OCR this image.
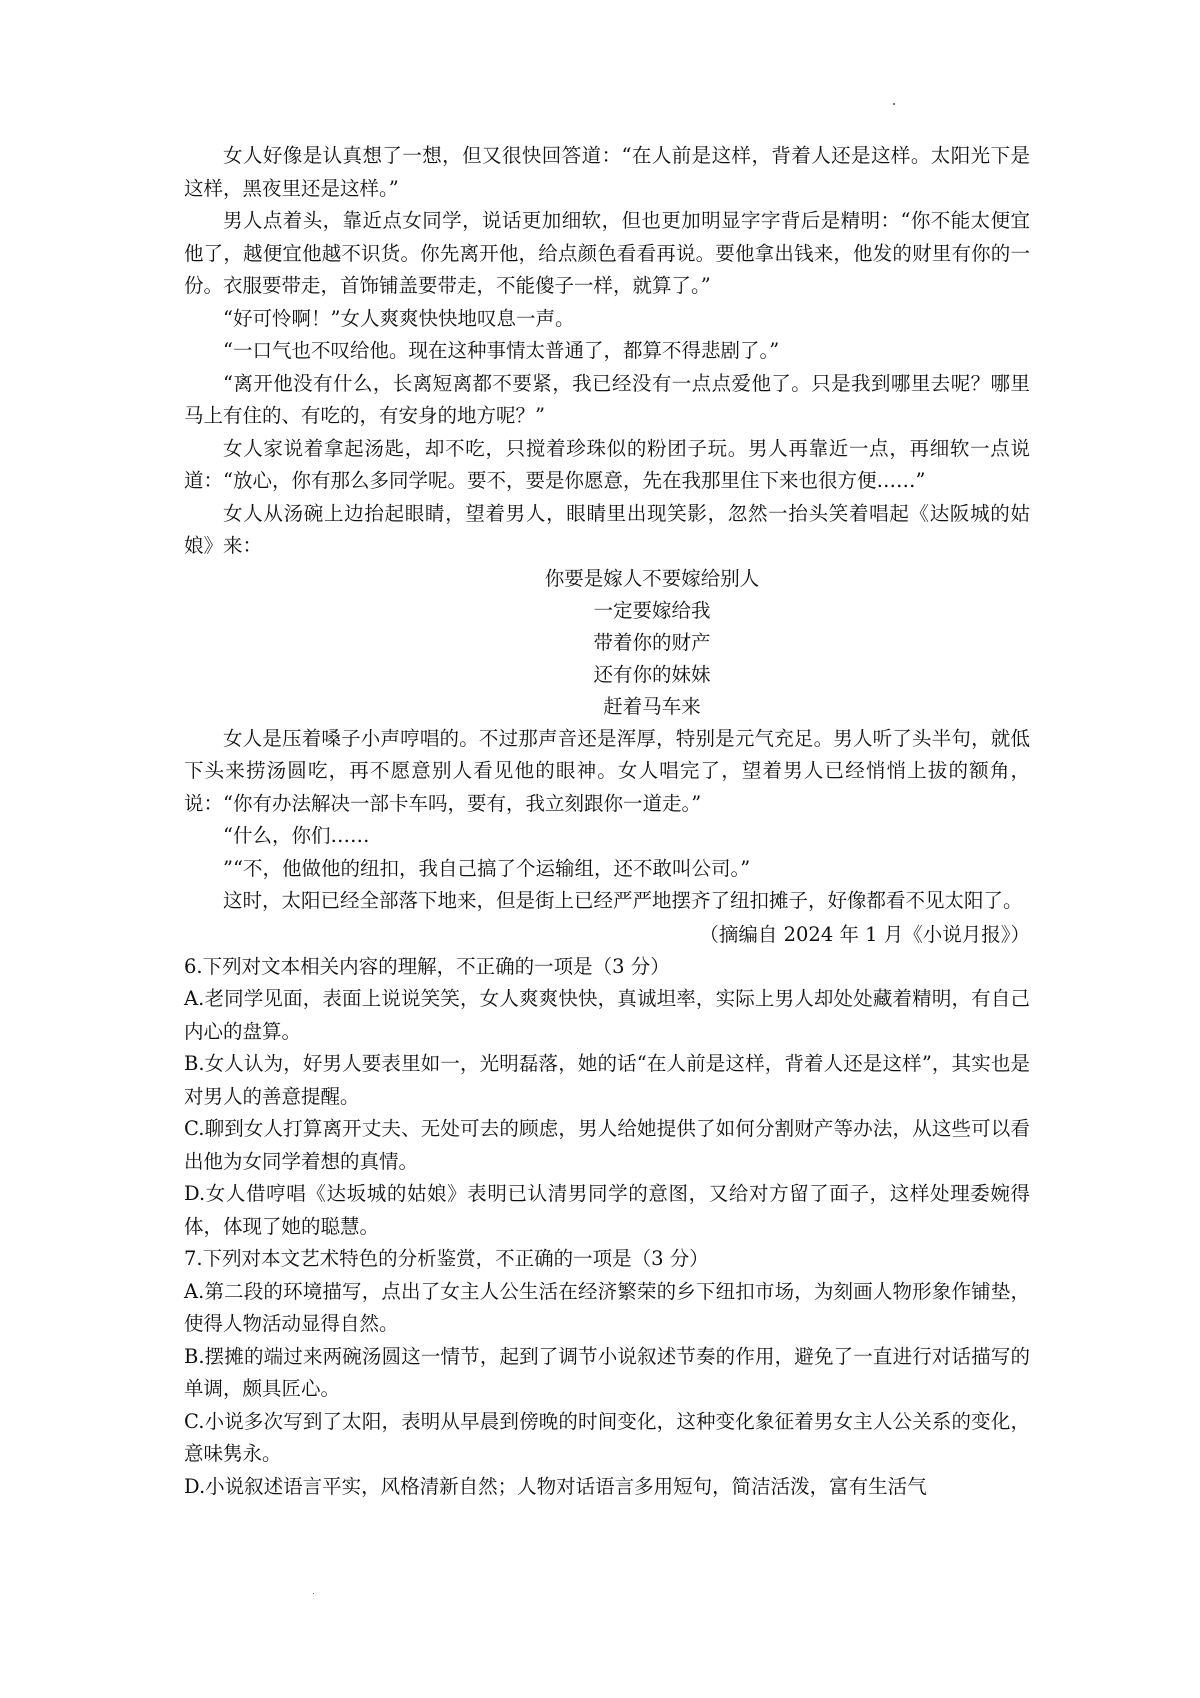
女人好像是认真想了一想，但又很快回答道：“在人前是这样，背着人还是这样。太阳光下是这样，黑夜里还是这样。”

男人点着头，靠近点女同学，说话更加细软，但也更加明显字字背后是精明：“你不能太便宜他了，越便宜他越不识货。你先离开他，给点颜色看看再说。要他拿出钱来，他发的财里有你的一份。衣服要带走，首饰铺盖要带走，不能傻子一样，就算了。”

“好可怜啊！”女人爽爽快快地叹息一声。

“一口气也不叹给他。现在这种事情太普通了，都算不得悲剧了。”

“离开他没有什么，长离短离都不要紧，我已经没有一点点爱他了。只是我到哪里去呢？哪里马上有住的、有吃的，有安身的地方呢？”

女人家说着拿起汤匙，却不吃，只搅着珍珠似的粉团子玩。男人再靠近一点，再细软一点说道：“放心，你有那么多同学呢。要不，要是你愿意，先在我那里住下来也很方便……”

女人从汤碗上边抬起眼睛，望着男人，眼睛里出现笑影，忽然一抬头笑着唱起《达阪城的姑娘》来：

你要是嫁人不要嫁给别人

一定要嫁给我

带着你的财产

还有你的妹妹

赶着马车来

女人是压着嗓子小声哼唱的。不过那声音还是浑厚，特别是元气充足。男人听了头半句，就低下头来捞汤圆吃，再不愿意别人看见他的眼神。女人唱完了，望着男人已经悄悄上拔的额角，说：“你有办法解决一部卡车吗，要有，我立刻跟你一道走。”

“什么，你们……

”“不，他做他的纽扣，我自己搞了个运输组，还不敢叫公司。”

这时，太阳已经全部落下地来，但是街上已经严严地摆齐了纽扣摊子，好像都看不见太阳了。

（摘编自 2024 年 1 月《小说月报》）

6.下列对文本相关内容的理解，不正确的一项是（3 分）

A.老同学见面，表面上说说笑笑，女人爽爽快快，真诚坦率，实际上男人却处处藏着精明，有自己内心的盘算。

B.女人认为，好男人要表里如一，光明磊落，她的话“在人前是这样，背着人还是这样”，其实也是对男人的善意提醒。

C.聊到女人打算离开丈夫、无处可去的顾虑，男人给她提供了如何分割财产等办法，从这些可以看出他为女同学着想的真情。

D.女人借哼唱《达坂城的姑娘》表明已认清男同学的意图，又给对方留了面子，这样处理委婉得体，体现了她的聪慧。

7.下列对本文艺术特色的分析鉴赏，不正确的一项是（3 分）

A.第二段的环境描写，点出了女主人公生活在经济繁荣的乡下纽扣市场，为刻画人物形象作铺垫，使得人物活动显得自然。

B.摆摊的端过来两碗汤圆这一情节，起到了调节小说叙述节奏的作用，避免了一直进行对话描写的单调，颇具匠心。

C.小说多次写到了太阳，表明从早晨到傍晚的时间变化，这种变化象征着男女主人公关系的变化，意味隽永。

D.小说叙述语言平实，风格清新自然；人物对话语言多用短句，简洁活泼，富有生活气
